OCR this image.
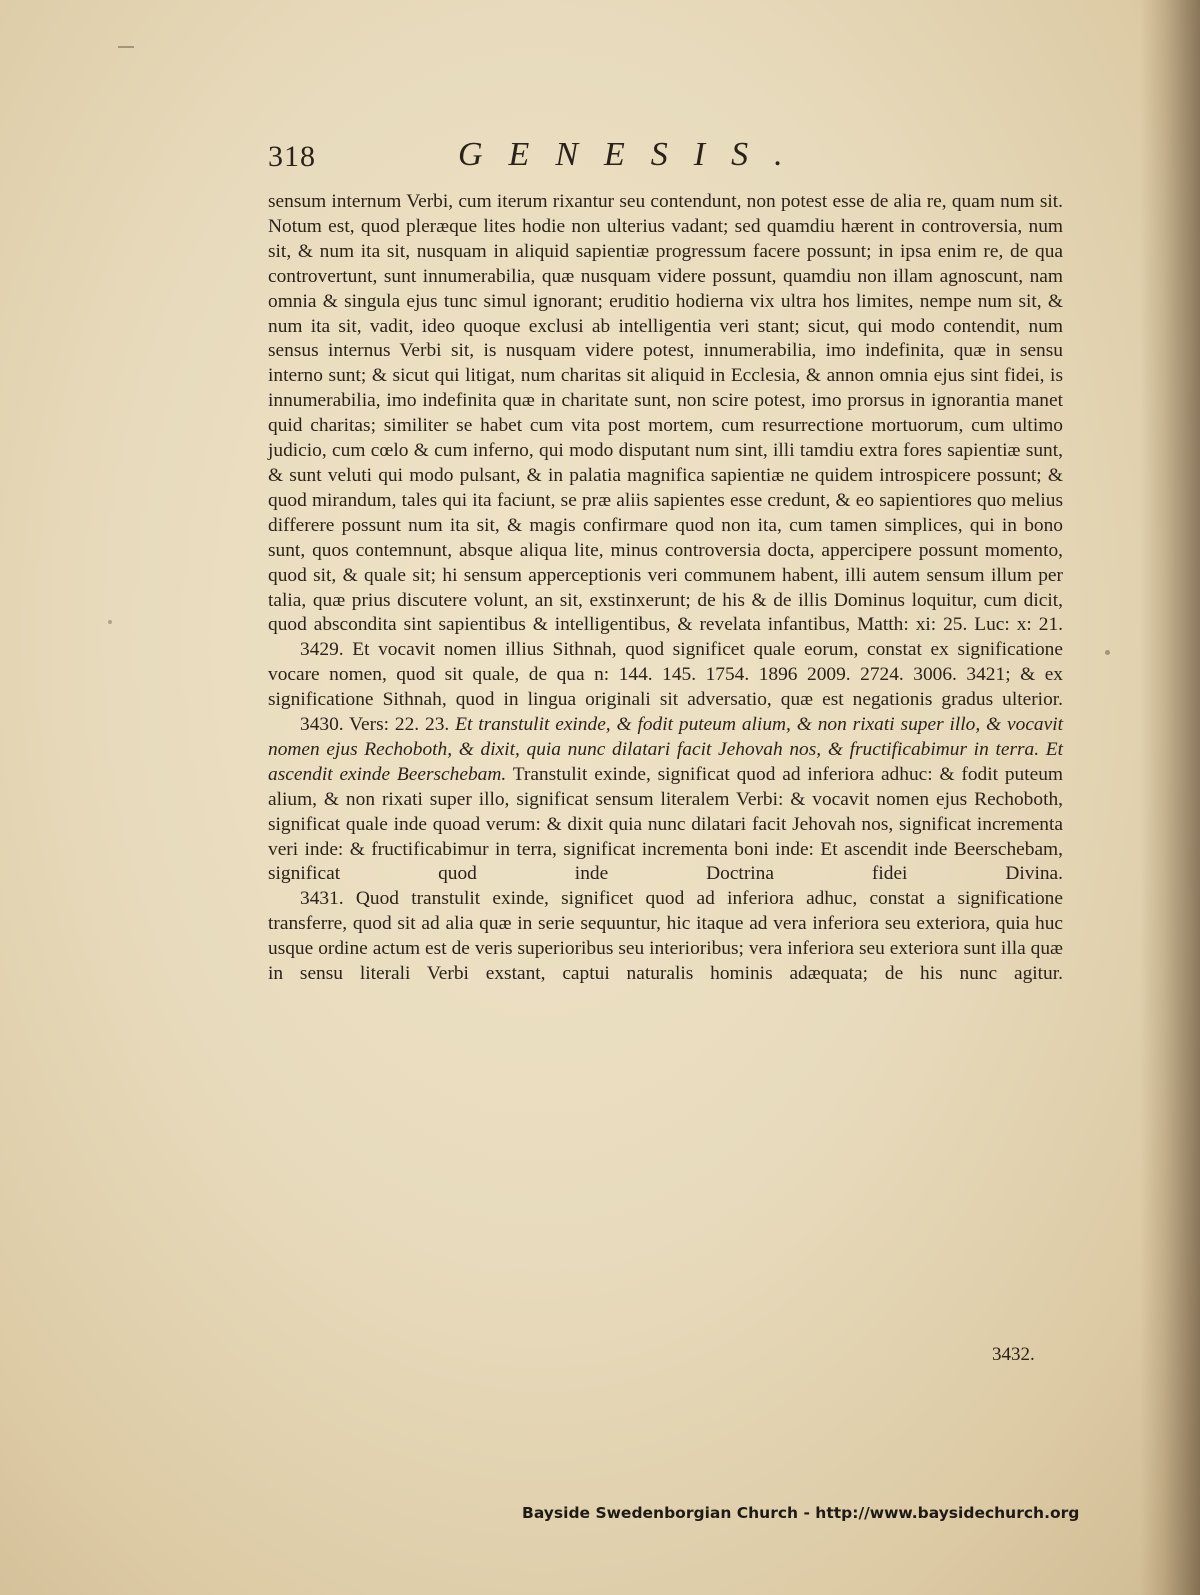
318	GENESIS.

sensum internum Verbi, cum iterum rixantur seu contendunt, non potest esse de alia re, quam num sit. Notum est, quod pleræque lites hodie non ulterius vadant; sed quamdiu hærent in controversia, num sit, & num ita sit, nusquam in aliquid sapientiæ progressum facere possunt; in ipsa enim re, de qua controvertunt, sunt innumerabilia, quæ nusquam videre possunt, quamdiu non illam agnoscunt, nam omnia & singula ejus tunc simul ignorant; eruditio hodierna vix ultra hos limites, nempe num sit, & num ita sit, vadit, ideo quoque exclusi ab intelligentia veri stant; sicut, qui modo contendit, num sensus internus Verbi sit, is nusquam videre potest, innumerabilia, imo indefinita, quæ in sensu interno sunt; & sicut qui litigat, num charitas sit aliquid in Ecclesia, & annon omnia ejus sint fidei, is innumerabilia, imo indefinita quæ in charitate sunt, non scire potest, imo prorsus in ignorantia manet quid charitas; similiter se habet cum vita post mortem, cum resurrectione mortuorum, cum ultimo judicio, cum cœlo & cum inferno, qui modo disputant num sint, illi tamdiu extra fores sapientiæ sunt, & sunt veluti qui modo pulsant, & in palatia magnifica sapientiæ ne quidem introspicere possunt; & quod mirandum, tales qui ita faciunt, se præ aliis sapientes esse credunt, & eo sapientiores quo melius differere possunt num ita sit, & magis confirmare quod non ita, cum tamen simplices, qui in bono sunt, quos contemnunt, absque aliqua lite, minus controversia docta, appercipere possunt momento, quod sit, & quale sit; hi sensum apperceptionis veri communem habent, illi autem sensum illum per talia, quæ prius discutere volunt, an sit, exstinxerunt; de his & de illis Dominus loquitur, cum dicit, quod abscondita sint sapientibus & intelligentibus, & revelata infantibus, Matth: xi: 25. Luc: x: 21.

3429. Et vocavit nomen illius Sithnah, quod significet quale eorum, constat ex significatione vocare nomen, quod sit quale, de qua n: 144. 145. 1754. 1896 2009. 2724. 3006. 3421; & ex significatione Sithnah, quod in lingua originali sit adversatio, quæ est negationis gradus ulterior.

3430. Vers: 22. 23. Et transtulit exinde, & fodit puteum alium, & non rixati super illo, & vocavit nomen ejus Rechoboth, & dixit, quia nunc dilatari facit Jehovah nos, & fructificabimur in terra. Et ascendit exinde Beerschebam. Transtulit exinde, significat quod ad inferiora adhuc: & fodit puteum alium, & non rixati super illo, significat sensum literalem Verbi: & vocavit nomen ejus Rechoboth, significat quale inde quoad verum: & dixit quia nunc dilatari facit Jehovah nos, significat incrementa veri inde: & fructificabimur in terra, significat incrementa boni inde: Et ascendit inde Beerschebam, significat quod inde Doctrina fidei Divina.

3431. Quod transtulit exinde, significet quod ad inferiora adhuc, constat a significatione transferre, quod sit ad alia quæ in serie sequuntur, hic itaque ad vera inferiora seu exteriora, quia huc usque ordine actum est de veris superioribus seu interioribus; vera inferiora seu exteriora sunt illa quæ in sensu literali Verbi exstant, captui naturalis hominis adæquata; de his nunc agitur.

3432.
Bayside Swedenborgian Church - http://www.baysidechurch.org
